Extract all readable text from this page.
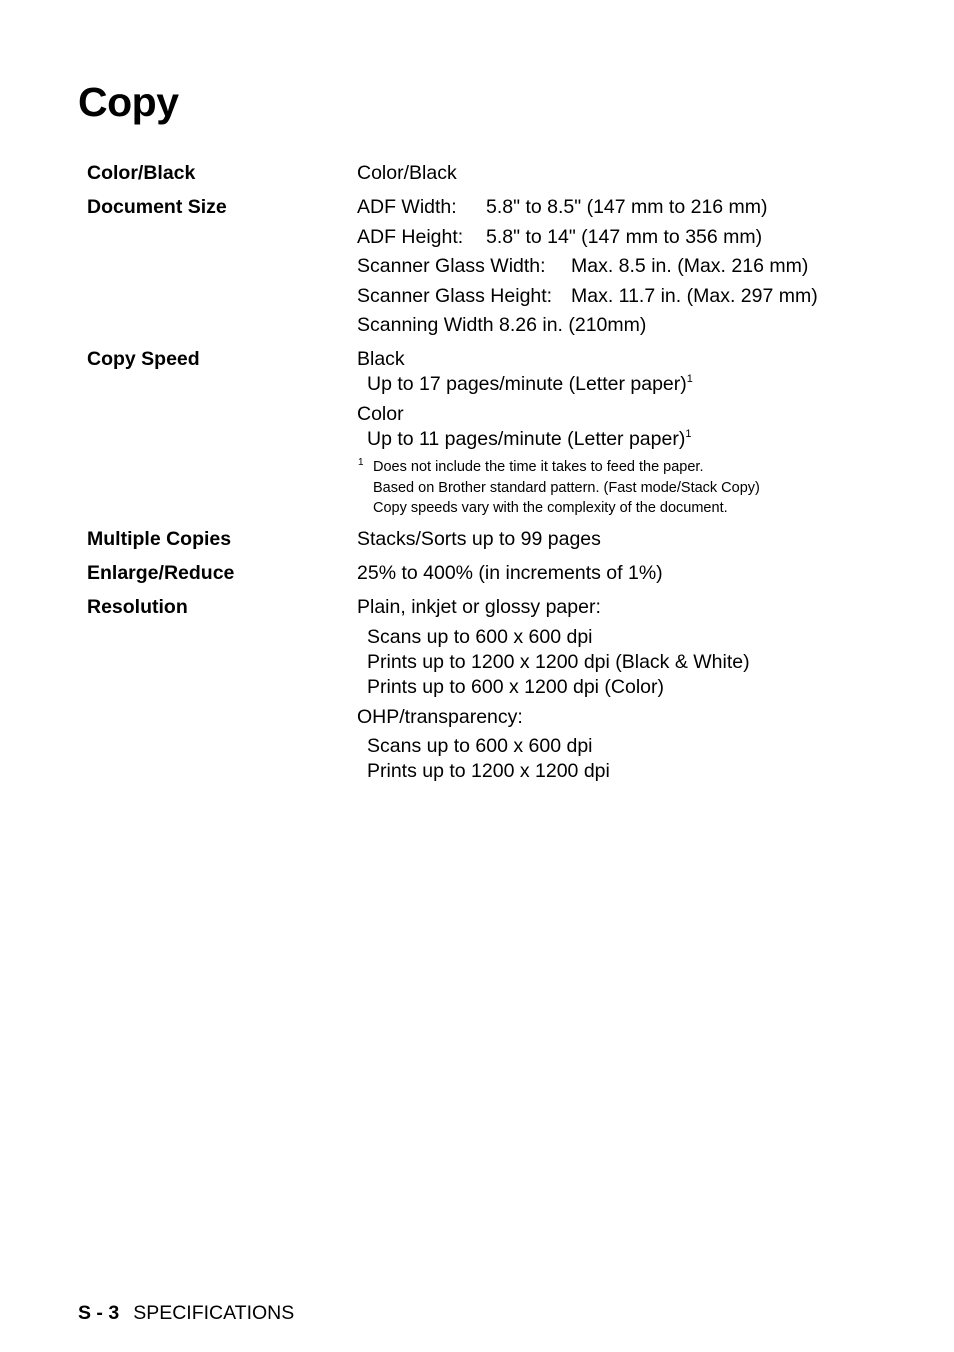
Copy
Color/Black	Color/Black
Document Size	ADF Width: 5.8" to 8.5" (147 mm to 216 mm)
ADF Height: 5.8" to 14" (147 mm to 356 mm)
Scanner Glass Width: Max. 8.5 in. (Max. 216 mm)
Scanner Glass Height: Max. 11.7 in. (Max. 297 mm)
Scanning Width 8.26 in. (210mm)
Copy Speed	Black
Up to 17 pages/minute (Letter paper)$^1$
Color
Up to 11 pages/minute (Letter paper)$^1$
1 Does not include the time it takes to feed the paper.
Based on Brother standard pattern. (Fast mode/Stack Copy)
Copy speeds vary with the complexity of the document.
Multiple Copies	Stacks/Sorts up to 99 pages
Enlarge/Reduce	25% to 400% (in increments of 1%)
Resolution	Plain, inkjet or glossy paper:
Scans up to 600 x 600 dpi
Prints up to 1200 x 1200 dpi (Black & White)
Prints up to 600 x 1200 dpi (Color)
OHP/transparency:
Scans up to 600 x 600 dpi
Prints up to 1200 x 1200 dpi
S - 3 SPECIFICATIONS
